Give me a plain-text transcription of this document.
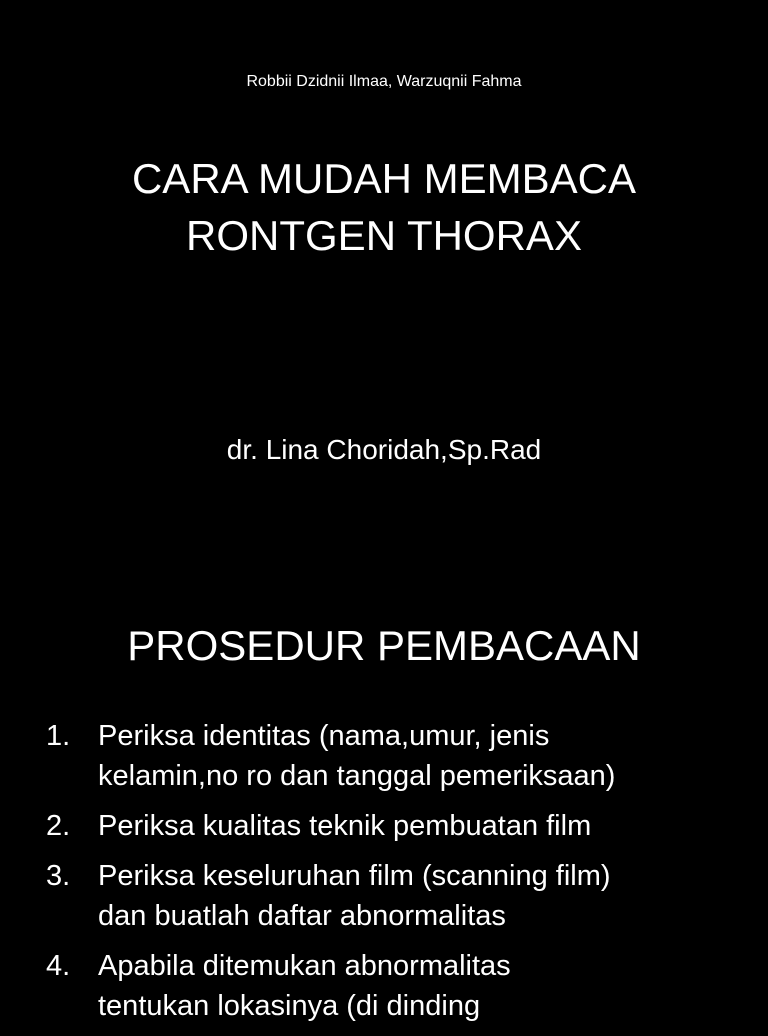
Robbii Dzidnii Ilmaa, Warzuqnii Fahma
CARA MUDAH MEMBACA
RONTGEN THORAX
dr. Lina Choridah,Sp.Rad
PROSEDUR PEMBACAAN
1. Periksa identitas (nama,umur, jenis
kelamin,no ro dan tanggal pemeriksaan)
2. Periksa kualitas teknik pembuatan film
3. Periksa keseluruhan film (scanning film)
dan buatlah daftar abnormalitas
4. Apabila ditemukan abnormalitas
tentukan lokasinya (di dinding
